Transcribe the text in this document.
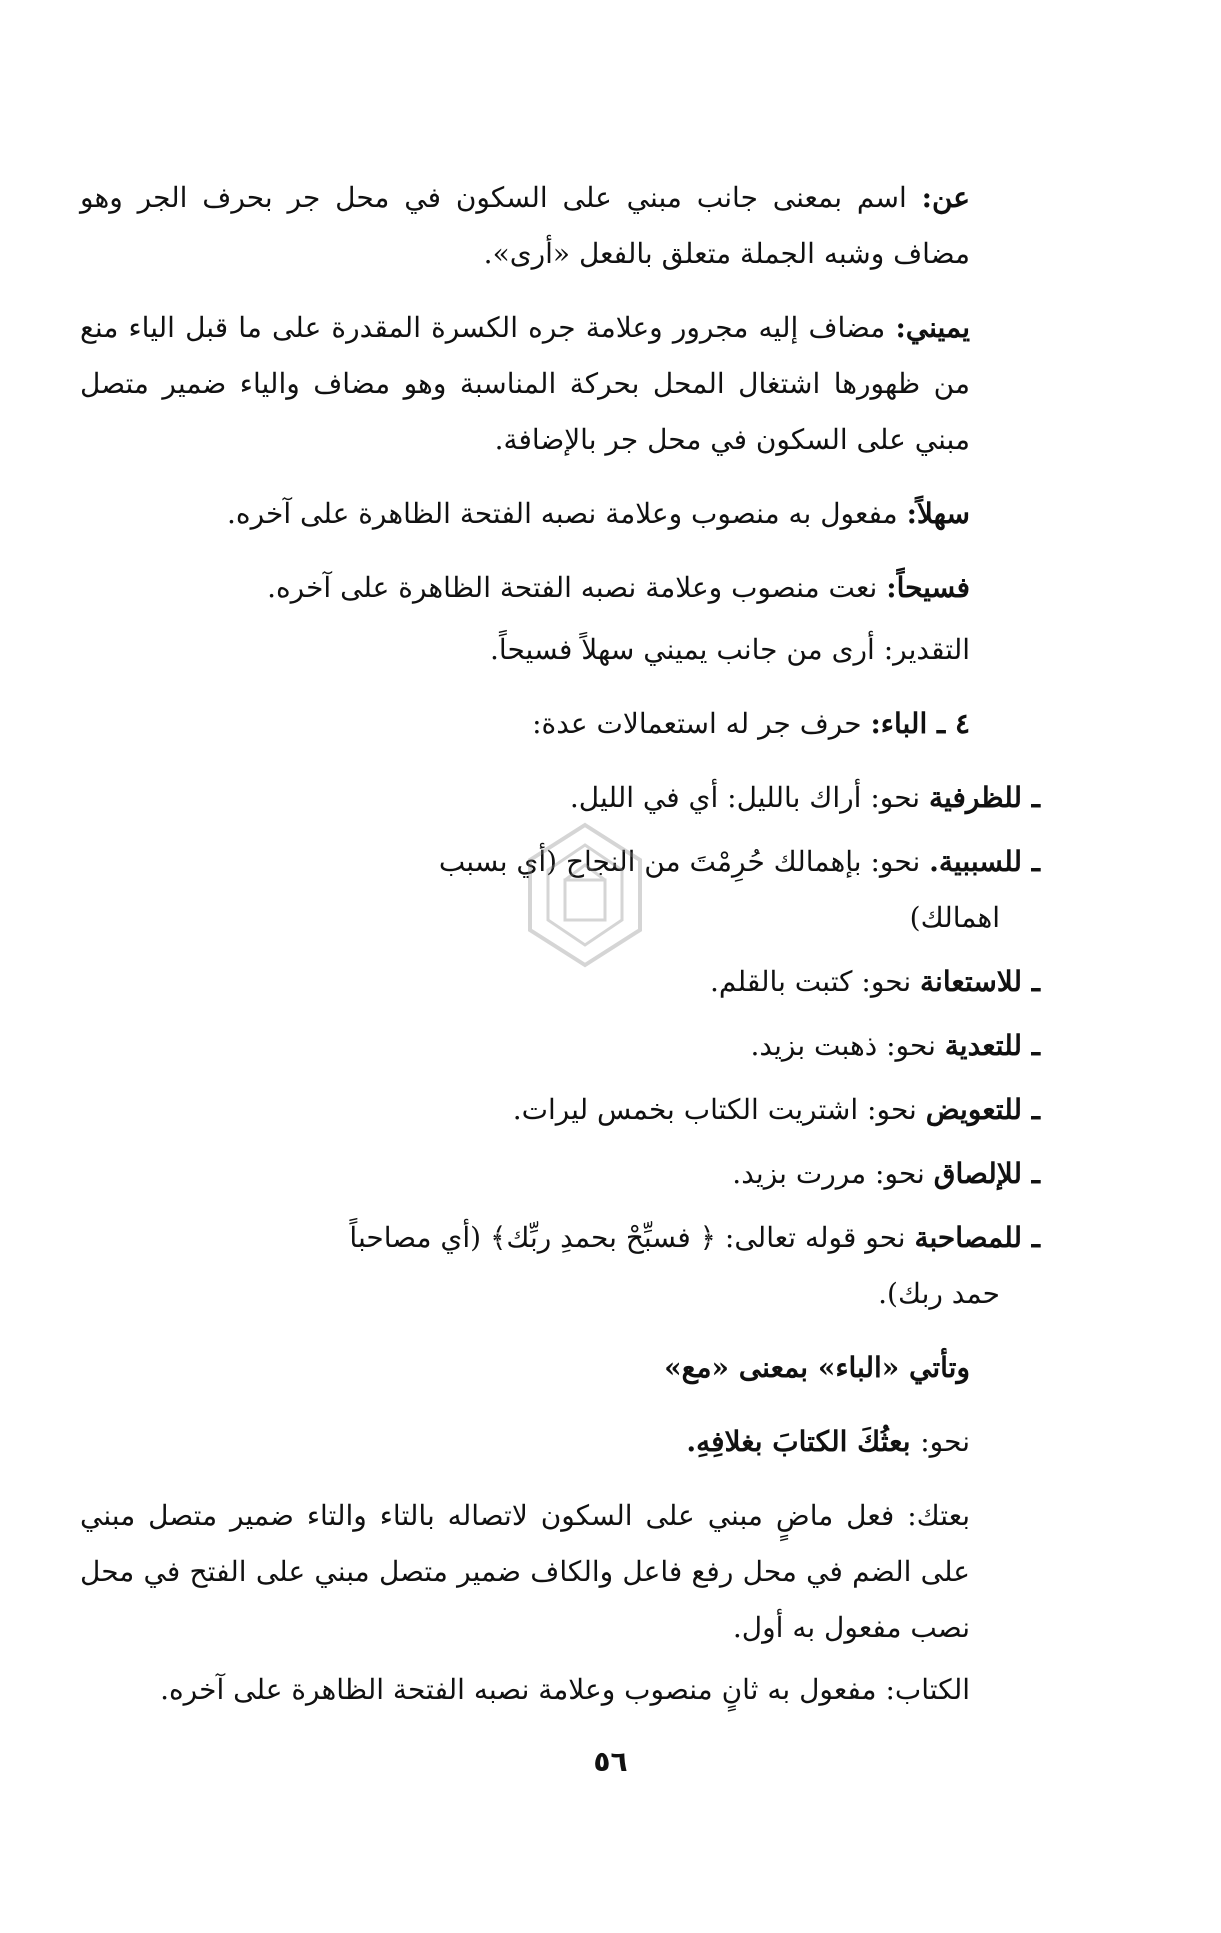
عن: اسم بمعنى جانب مبني على السكون في محل جر بحرف الجر وهو مضاف وشبه الجملة متعلق بالفعل «أرى».

يميني: مضاف إليه مجرور وعلامة جره الكسرة المقدرة على ما قبل الياء منع من ظهورها اشتغال المحل بحركة المناسبة وهو مضاف والياء ضمير متصل مبني على السكون في محل جر بالإضافة.

سهلاً: مفعول به منصوب وعلامة نصبه الفتحة الظاهرة على آخره.

فسيحاً: نعت منصوب وعلامة نصبه الفتحة الظاهرة على آخره.

التقدير: أرى من جانب يميني سهلاً فسيحاً.

٤ ـ الباء: حرف جر له استعمالات عدة:

ـ للظرفية نحو: أراك بالليل: أي في الليل.

ـ للسببية. نحو: بإهمالك حُرِمْتَ من النجاح (أي بسبب
اهمالك)

ـ للاستعانة نحو: كتبت بالقلم.

ـ للتعدية نحو: ذهبت بزيد.

ـ للتعويض نحو: اشتريت الكتاب بخمس ليرات.

ـ للإلصاق نحو: مررت بزيد.

ـ للمصاحبة نحو قوله تعالى: ﴿ فسبِّحْ بحمدِ ربِّك﴾ (أي مصاحباً
حمد ربك).

وتأتي «الباء» بمعنى «مع»

نحو: بعثُكَ الكتابَ بغلافِهِ.

بعتك: فعل ماضٍ مبني على السكون لاتصاله بالتاء والتاء ضمير متصل مبني على الضم في محل رفع فاعل والكاف ضمير متصل مبني على الفتح في محل نصب مفعول به أول.

الكتاب: مفعول به ثانٍ منصوب وعلامة نصبه الفتحة الظاهرة على آخره.

٥٦
